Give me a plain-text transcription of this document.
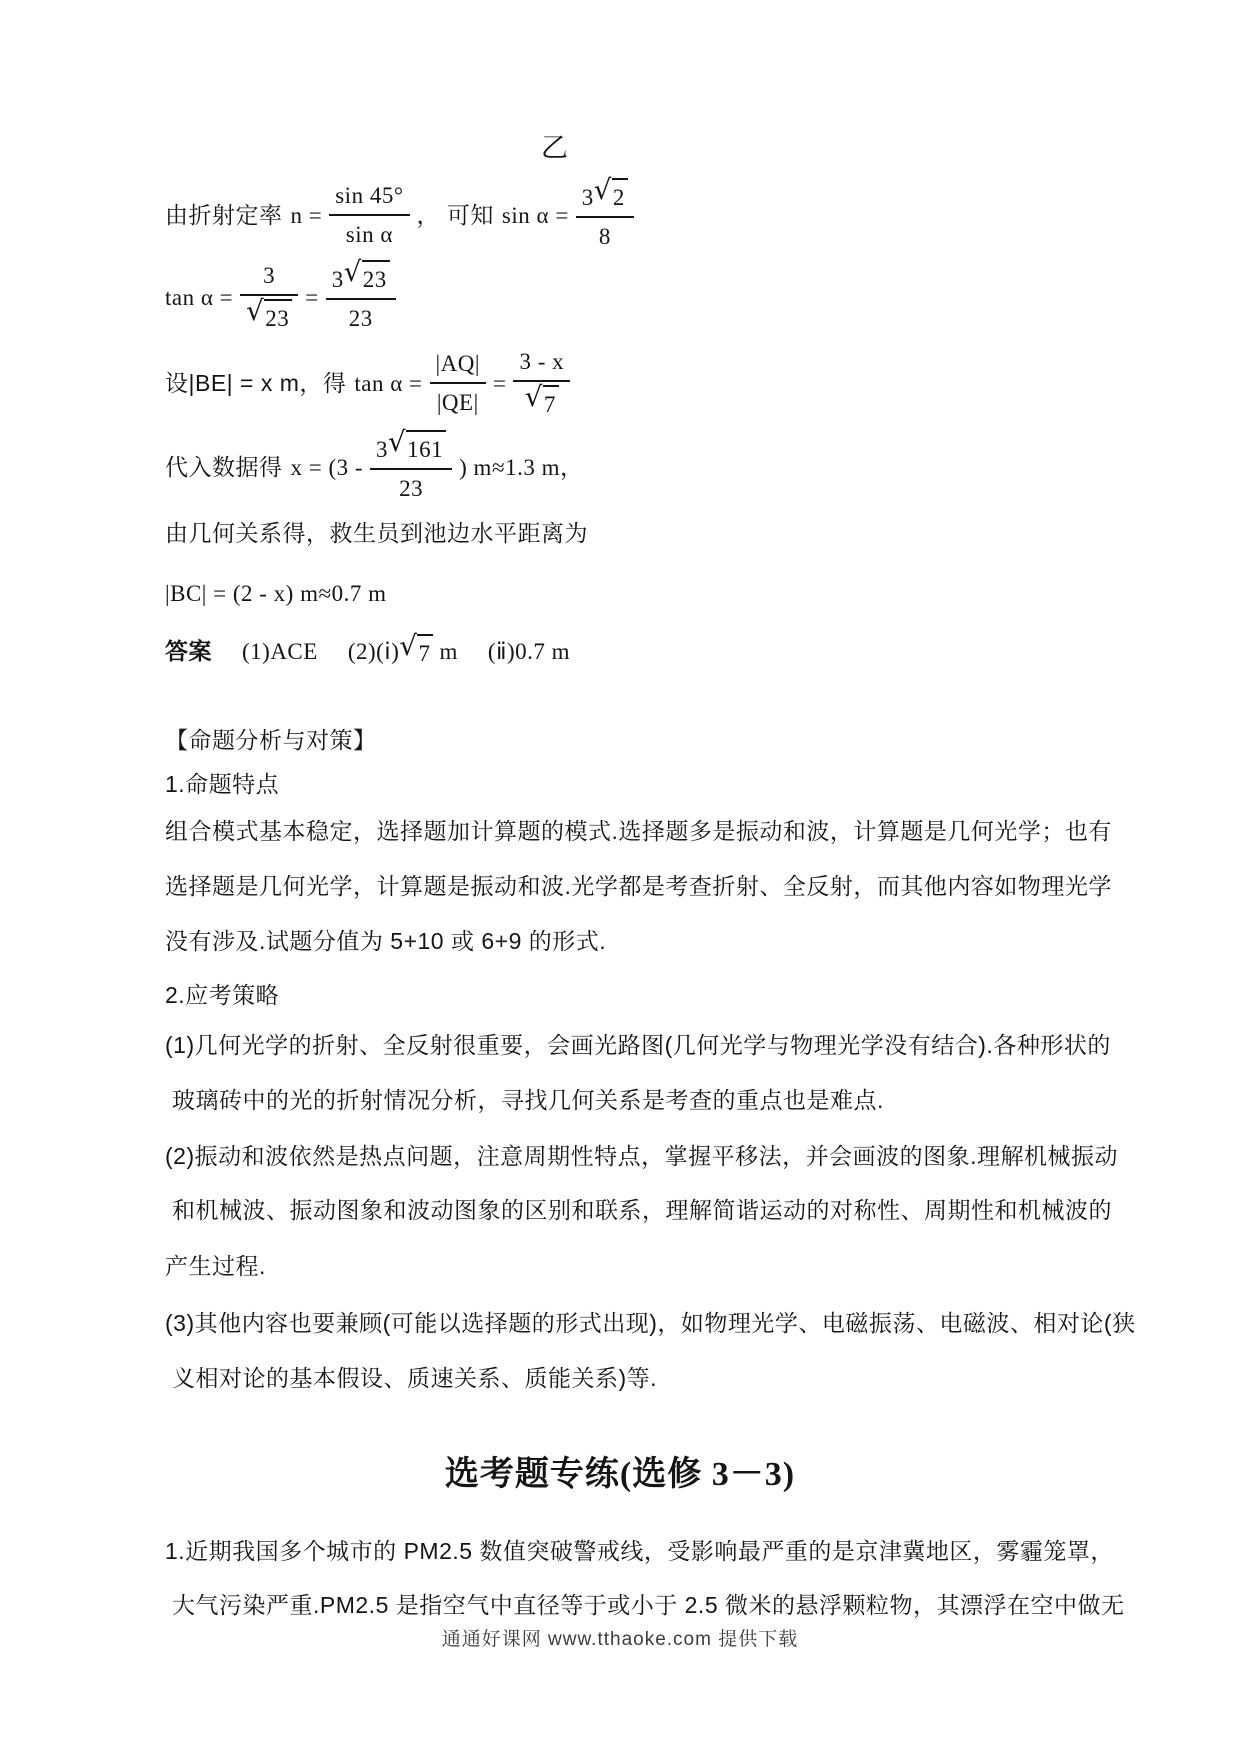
乙
由折射定率 $n = \frac{\sin 45^\circ}{\text{sin α}}$ ， 可知 $\sin \alpha = \frac{3 √ 2}{8}$
$\tan \alpha = \frac{3}{√ 23} = \frac{3 √ 23}{23}$
设|BE| = x m，得 $\tan \alpha = \frac{|AQ|}{|QE|} = \frac{3 - x}{√ 7}$
代入数据得 $x = (3 - \frac{3 √ 161}{23}$ ) m≈1.3 m，
由几何关系得，救生员到池边水平距离为
|BC| = (2 - x) m≈0.7 m
答案 (1)ACE (2)(ⅰ) √ 7 m (ⅱ)0.7 m
【命题分析与对策】
1.命题特点
组合模式基本稳定，选择题加计算题的模式.选择题多是振动和波，计算题是几何光学；也有
选择题是几何光学，计算题是振动和波.光学都是考查折射、全反射，而其他内容如物理光学
没有涉及.试题分值为 5+10 或 6+9 的形式.
2.应考策略
(1)几何光学的折射、全反射很重要，会画光路图(几何光学与物理光学没有结合).各种形状的
玻璃砖中的光的折射情况分析，寻找几何关系是考查的重点也是难点.
(2)振动和波依然是热点问题，注意周期性特点，掌握平移法，并会画波的图象.理解机械振动
和机械波、振动图象和波动图象的区别和联系，理解简谐运动的对称性、周期性和机械波的
产生过程.
(3)其他内容也要兼顾(可能以选择题的形式出现)，如物理光学、电磁振荡、电磁波、相对论(狭
义相对论的基本假设、质速关系、质能关系)等.
选考题专练(选修 3－3)
1.近期我国多个城市的 PM2.5 数值突破警戒线，受影响最严重的是京津冀地区，雾霾笼罩，
大气污染严重.PM2.5 是指空气中直径等于或小于 2.5 微米的悬浮颗粒物，其漂浮在空中做无
通通好课网 www.tthaoke.com 提供下载
